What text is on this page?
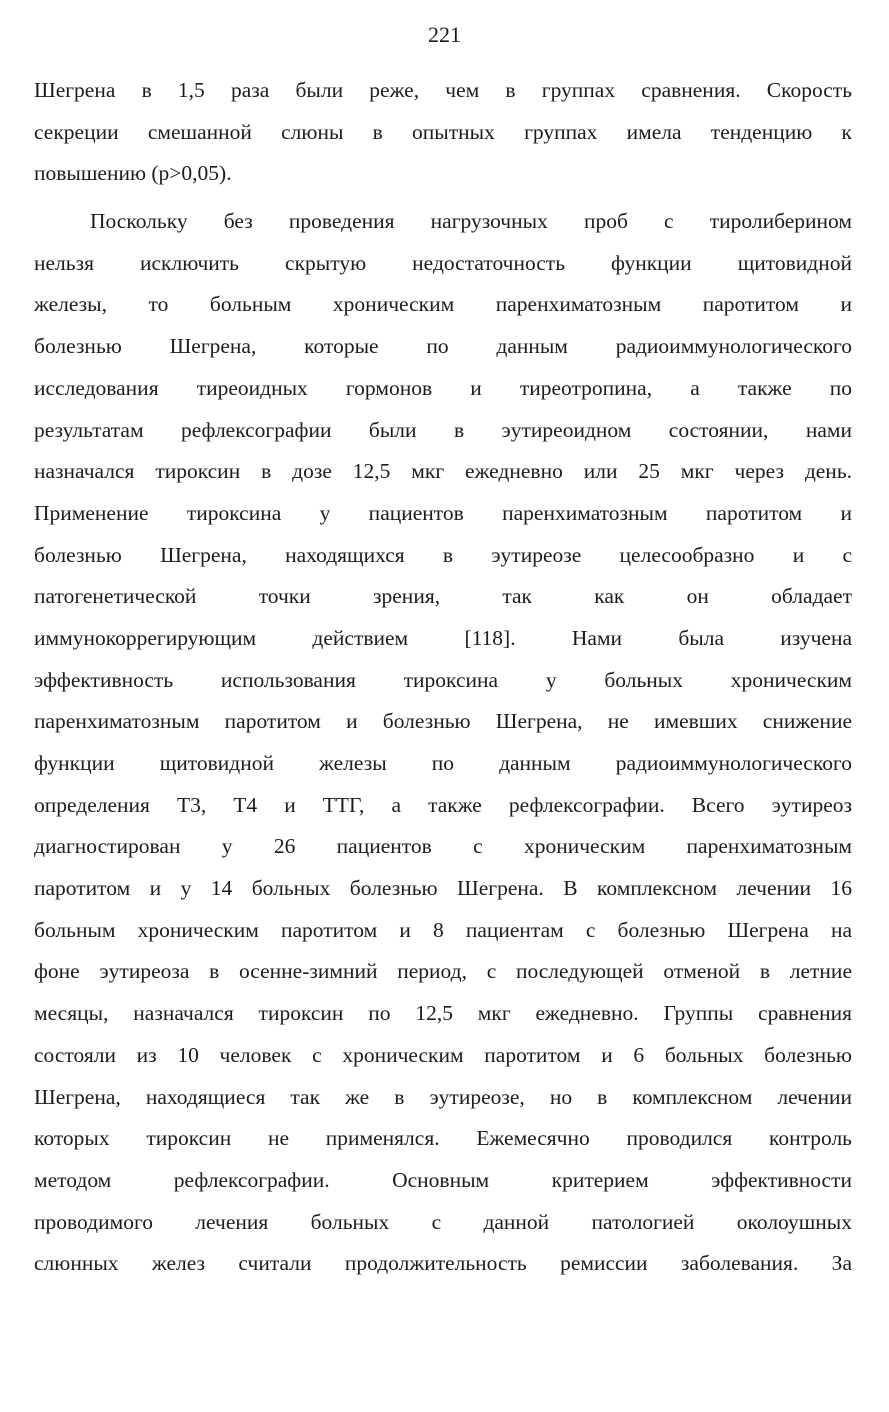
221
Шегрена в 1,5 раза были реже, чем в группах сравнения. Скорость
секреции смешанной слюны в опытных группах имела тенденцию к
повышению (р>0,05).
Поскольку без проведения нагрузочных проб с тиролиберином
нельзя исключить скрытую недостаточность функции щитовидной
железы, то больным хроническим паренхиматозным паротитом и
болезнью Шегрена, которые по данным радиоиммунологического
исследования тиреоидных гормонов и тиреотропина, а также по
результатам рефлексографии были в эутиреоидном состоянии, нами
назначался тироксин в дозе 12,5 мкг ежедневно или 25 мкг через день.
Применение тироксина у пациентов паренхиматозным паротитом и
болезнью Шегрена, находящихся в эутиреозе целесообразно и с
патогенетической точки зрения, так как он обладает
иммунокоррегирующим действием [118]. Нами была изучена
эффективность использования тироксина у больных хроническим
паренхиматозным паротитом и болезнью Шегрена, не имевших снижение
функции щитовидной железы по данным радиоиммунологического
определения Т3, Т4 и ТТГ, а также рефлексографии. Всего эутиреоз
диагностирован у 26 пациентов с хроническим паренхиматозным
паротитом и у 14 больных болезнью Шегрена. В комплексном лечении 16
больным хроническим паротитом и 8 пациентам с болезнью Шегрена на
фоне эутиреоза в осенне-зимний период, с последующей отменой в летние
месяцы, назначался тироксин по 12,5 мкг ежедневно. Группы сравнения
состояли из 10 человек с хроническим паротитом и 6 больных болезнью
Шегрена, находящиеся так же в эутиреозе, но в комплексном лечении
которых тироксин не применялся. Ежемесячно проводился контроль
методом рефлексографии. Основным критерием эффективности
проводимого лечения больных с данной патологией околоушных
слюнных желез считали продолжительность ремиссии заболевания. За
